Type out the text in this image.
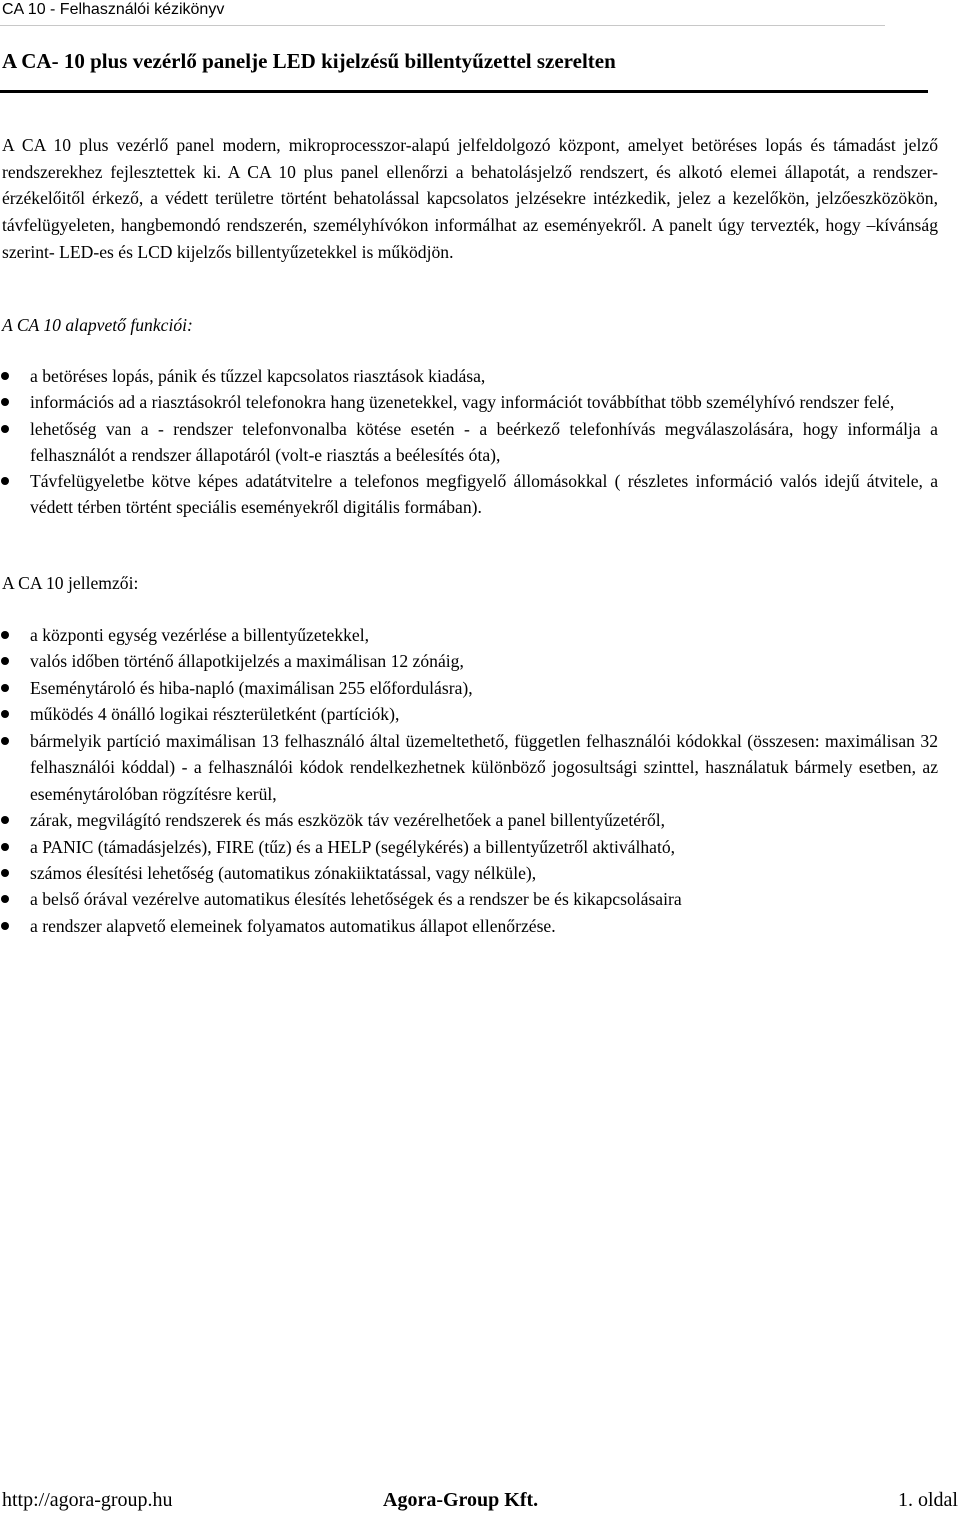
CA 10 - Felhasználói kézikönyv
A CA- 10 plus vezérlő panelje LED kijelzésű billentyűzettel szerelten

A CA 10 plus vezérlő panel modern, mikroprocesszor-alapú jelfeldolgozó központ, amelyet betöréses lopás és támadást jelző rendszerekhez fejlesztettek ki. A CA 10 plus panel ellenőrzi a behatolásjelző rendszert, és alkotó elemei állapotát, a rendszer-érzékelőitől érkező, a védett területre történt behatolással kapcsolatos jelzésekre intézkedik, jelez a kezelőkön, jelzőeszközökön, távfelügyeleten, hangbemondó rendszerén, személyhívókon informálhat az eseményekről. A panelt úgy tervezték, hogy –kívánság szerint- LED-es és LCD kijelzős billentyűzetekkel is működjön.

A CA 10 alapvető funkciói:
a betöréses lopás, pánik és tűzzel kapcsolatos riasztások kiadása,
információs ad a riasztásokról telefonokra hang üzenetekkel, vagy információt továbbíthat több személyhívó rendszer felé,
lehetőség van a - rendszer telefonvonalba kötése esetén - a beérkező telefonhívás megválaszolására, hogy informálja a felhasználót a rendszer állapotáról (volt-e riasztás a beélesítés óta),
Távfelügyeletbe kötve képes adatátvitelre a telefonos megfigyelő állomásokkal ( részletes információ valós idejű átvitele, a védett térben történt speciális eseményekről digitális formában).
A CA 10 jellemzői:
a központi egység vezérlése a billentyűzetekkel,
valós időben történő állapotkijelzés a maximálisan 12 zónáig,
Eseménytároló és hiba-napló (maximálisan 255 előfordulásra),
működés 4 önálló logikai részterületként (partíciók),
bármelyik partíció maximálisan 13 felhasználó által üzemeltethető, független felhasználói kódokkal (összesen: maximálisan 32 felhasználói kóddal) - a felhasználói kódok rendelkezhetnek különböző jogosultsági szinttel, használatuk bármely esetben, az eseménytárolóban rögzítésre kerül,
zárak, megvilágító rendszerek és más eszközök táv vezérelhetőek a panel billentyűzetéről,
a PANIC (támadásjelzés), FIRE (tűz) és a HELP (segélykérés) a billentyűzetről aktiválható,
számos élesítési lehetőség (automatikus zónakiiktatással, vagy nélküle),
a belső órával vezérelve automatikus élesítés lehetőségek és a rendszer be és kikapcsolásaira
a rendszer alapvető elemeinek folyamatos automatikus állapot ellenőrzése.
http://agora-group.hu	Agora-Group Kft.	1. oldal
